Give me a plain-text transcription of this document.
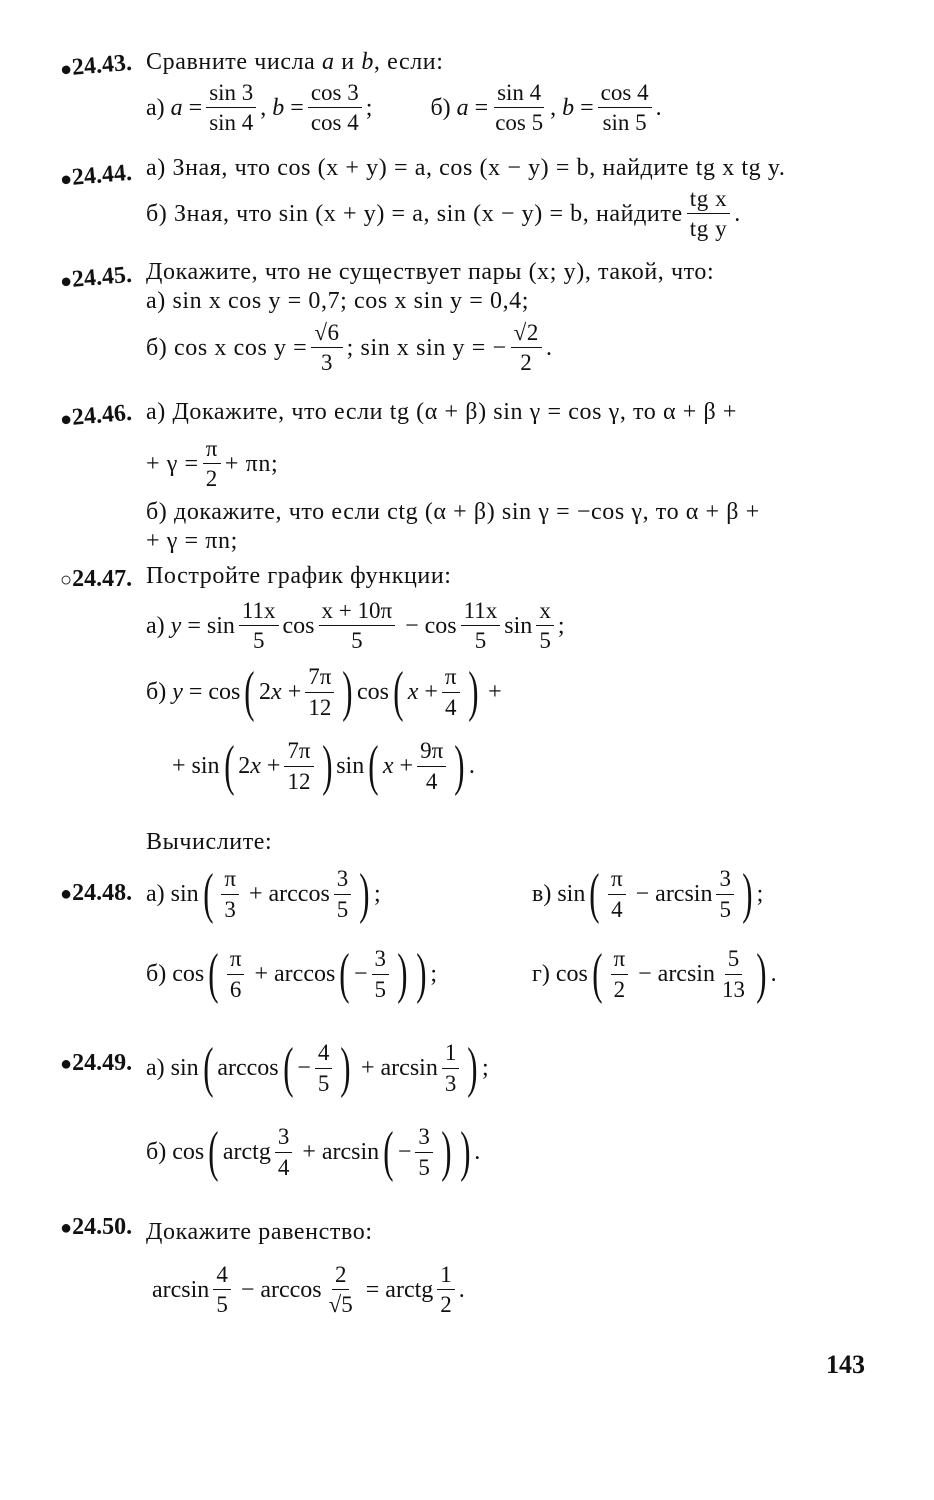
●24.43. Сравните числа
a
и
b , если:
а)
$a = \frac{\sin 3}{\sin 4}$ , $b = \frac{\cos 3}{\cos 4}$ ; б)
$a = \frac{\sin 4}{\cos 5}$ , $b = \frac{\cos 4}{\sin 5}$ .
●24.44. а) Зная, что cos (x + y) = a, cos (x − y) = b, найдите tg x tg y.
б) Зная, что sin (x + y) = a, sin (x − y) = b, найдите $\frac{\text{tg x}}{\text{tg y}}$ .
●24.45. Докажите, что не существует пары (x; y), такой, что:
а) sin x cos y = 0,7; cos x sin y = 0,4;
б) cos x $\cos y = \frac{√6}{3}$ ; sin x sin y = − $\frac{√2}{2}$ .
●24.46. а) Докажите, что если tg (α + β) sin γ = cos γ, то α + β +
+ $\gamma = \frac{\pi}{2} + \pi n$;
б) докажите, что если ctg (α + β) sin γ = −cos γ, то α + β +
+ γ = πn;
○24.47. Постройте график функции:
а)
$y = \sin \frac{11x}{5}$ $\cos \frac{x + 10\pi}{5} - \cos \frac{11x}{5}$ $\sin \frac{x}{5}$ ;
б)
y = cos ( 2 $x + \frac{7\pi}{12}$
) cos ( $x + \frac{\pi}{4}$
) +
+ sin ( 2 $x + \frac{7\pi}{12}$
) sin ( $x + \frac{9\pi}{4}$
) .
Вычислите:
●24.48. а) sin ( $\frac{\pi}{3} + \arccos \frac{3}{5}$
) ;	в) sin ( $\frac{\pi}{4} - \arcsin \frac{3}{5}$
) ;
б) cos ( $\frac{\pi}{6} + \arccos$ ( − $\frac{3}{5}$
)
) ;	г) cos ( $\frac{\pi}{2} - \arcsin \frac{5}{13}$
) .
●24.49. а) sin ( arccos ( − $\frac{4}{5}$
) + $\arcsin \frac{1}{3}$
) ;
б) cos ( arctg $\frac{3}{4} + \arcsin$ ( − $\frac{3}{5}$
)
) .
●24.50. Докажите равенство:
$\arcsin \frac{4}{5} - \arccos \frac{2}{√5}$ = arctg $\frac{1}{2}$ .
143
